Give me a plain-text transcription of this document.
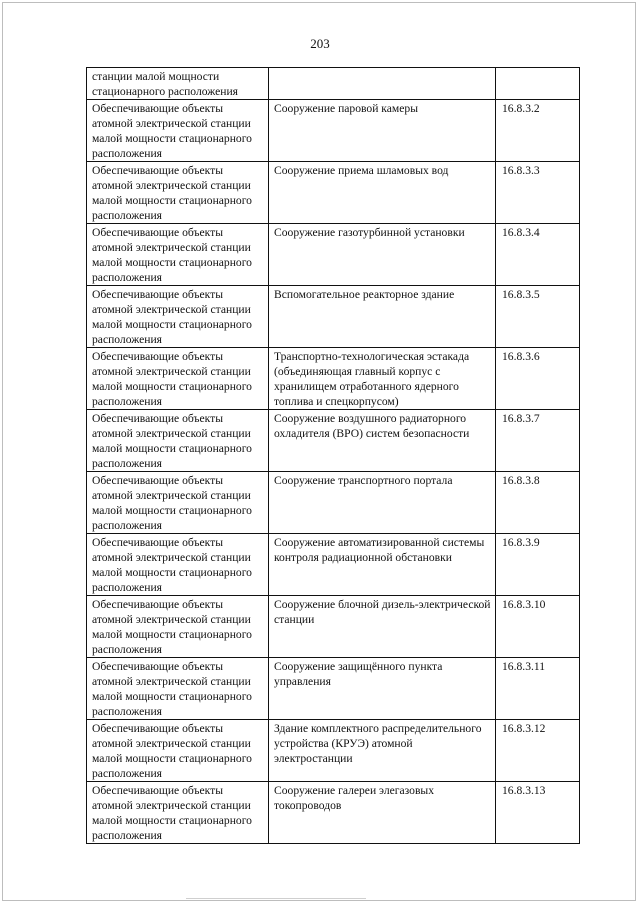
203
станции малой мощности стационарного расположения		
Обеспечивающие объекты атомной электрической станции малой мощности стационарного расположения	Сооружение паровой камеры	16.8.3.2
Обеспечивающие объекты атомной электрической станции малой мощности стационарного расположения	Сооружение приема шламовых вод	16.8.3.3
Обеспечивающие объекты атомной электрической станции малой мощности стационарного расположения	Сооружение газотурбинной установки	16.8.3.4
Обеспечивающие объекты атомной электрической станции малой мощности стационарного расположения	Вспомогательное реакторное здание	16.8.3.5
Обеспечивающие объекты атомной электрической станции малой мощности стационарного расположения	Транспортно-технологическая эстакада (объединяющая главный корпус с хранилищем отработанного ядерного топлива и спецкорпусом)	16.8.3.6
Обеспечивающие объекты атомной электрической станции малой мощности стационарного расположения	Сооружение воздушного радиаторного охладителя (ВРО) систем безопасности	16.8.3.7
Обеспечивающие объекты атомной электрической станции малой мощности стационарного расположения	Сооружение транспортного портала	16.8.3.8
Обеспечивающие объекты атомной электрической станции малой мощности стационарного расположения	Сооружение автоматизированной системы контроля радиационной обстановки	16.8.3.9
Обеспечивающие объекты атомной электрической станции малой мощности стационарного расположения	Сооружение блочной дизель-электрической станции	16.8.3.10
Обеспечивающие объекты атомной электрической станции малой мощности стационарного расположения	Сооружение защищённого пункта управления	16.8.3.11
Обеспечивающие объекты атомной электрической станции малой мощности стационарного расположения	Здание комплектного распределительного устройства (КРУЭ) атомной электростанции	16.8.3.12
Обеспечивающие объекты атомной электрической станции малой мощности стационарного расположения	Сооружение галереи элегазовых токопроводов	16.8.3.13
